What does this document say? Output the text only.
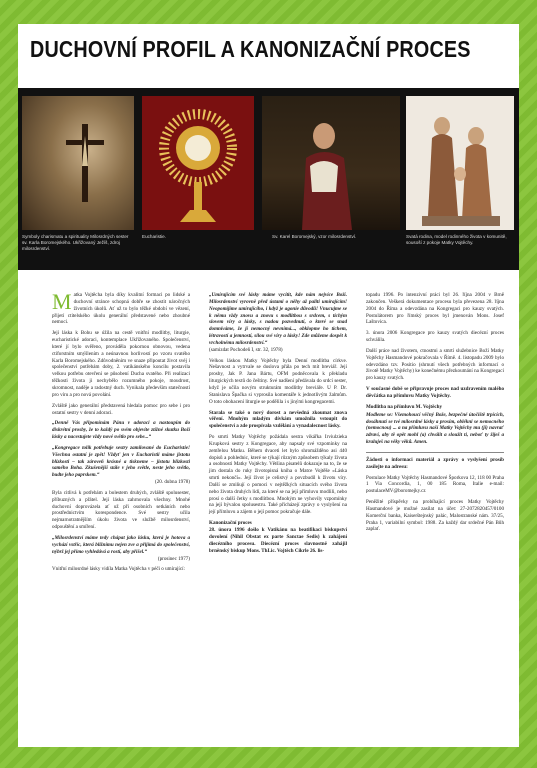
DUCHOVNÍ PROFIL A KANONIZAČNÍ PROCES
Symboly charismatu a spirituality Milosrdných sester sv. Karla Boromejského. Ukřižovaný Ježíš, zdroj milosrdenství.
Eucharistie.	Sv. Karel Boromejský, vzor milosrdenství.	Svatá rodina, model rodinného života v komunitě, sousoší z pokoje Matky Vojtěchy.

Matka Vojtěcha byla díky kvalitní formaci po lidské a duchovní stránce schopná dobře se zhostit náročných životních úkolů. Ať už to bylo těžké období ve vězení, přijetí ctitelského úkolu generální představené nebo zhoubné nemoci.

Její láska k Bohu se úžila na cestě vnitřní modlitby, liturgie, eucharistické adoraci, kontemplace Ukřižovaného. Společenství, které jí bylo svěřeno, prováděla pokornou obnovou, vedena ctiforstním smýšlením a neúnavnou horlivostí po vzoru svatého Karla Boromejského. Zdůvodněním ve snaze připoutat život svéj i společenství potřebám doby, 2. vatikánského koncilu postavila velkou potřebu otevření se působení Ducha svatého. Při realizaci těžkosti života ji nechybělo rozumného pokoje, moudrost, skromnost, naděje a radostný duch. Vynikala především statečností pro víru a pro nová povolání.

Zvláště jako generální představená hledala pomoc pro sebe i pro ostatní sestry v denní adoraci.

„Denně Vás připomínám Pánu v adoraci a nastoupím do diskrétní prosby, že to každý po svém objevíte ztížné skutku Boží lásky a nacestujete vždy nové světlo pro sebe...“

„Kongregace tolik potřebuje sestry zamilované do Eucharistie! Všechna ostatní je zpět! Vždyť jen v Eucharistii máme jistotu blízkosti – tak zároveň krásné a tiskneme – jistotu blízkosti samého Boha. Zkušenější stále v jeho světle, neste jeho světlo, budte jeho paprskem.“

(20. dubna 1978)

Byla citlivá k potřebám a bolestem druhých, zvláště spolusester, příbuzných a přátel. Její láska zahrnovala všechny. Mnohé duchovní doprovázela ať už při osobních setkáních nebo prostřednictvím korespondence. Své sestry učila nejmarnotratnějším úkolu života ve službě milosrdenství, odpouštění a smíření.

„Milosrdenství máme tedy chápat jako lásku, která je hotova a vychází vstříc, která bližnímu nejen zve a přijímá do společenství, nýbrž jej přímo vyhledává a rostí, aby přišel.“

(prosinec 1977)

Vnitřní milosrdné lásky vidíla Matka Vojtěcha v péči o umírající:

„Umírajícím své lásky máme vycítit, kde nám nejvíce Boží. Milosrdenství vyrovně před ústami o něhy až paliti umírajícím! Neopomíjíme umírajícího, i když je agonie důvodů! Vnucujme se k němu vždy znovu a znovu s modlitbou s srdcem, s tichým slovem víry a lásky, s nadou pozvednutí, o které se snad domníváme, že jí nemocný nevnímá..., obklopme ho tichem, létravostí a jemností, silou své víry a lásky! Zde můžeme dospět k vrcholnému milosrdenství.“

(samizdat Pochodeň I, str. 32, 1978)

Velkou láskou Matky Vojtěchy byla Denní modlitba církve. Nešavnost a vytrvale se doslova přála po tech mít breviář. Její prosby, Jak P. Jana Bártu, OFM podněcovala k překladu liturgických textů do češtiny. Své nadšení předávala do srdcí sester, když je učila novým strukturám modlitby breviáře. U P. Dr. Stanislava Špačka si vyprosila komentáře k jednotlivým žalmům. O toto obohacení liturgie se podělila i s jinými kongregacemi.

Starala se také o nový dorost a nevšedná zkoumat znova věření. Mnohým mladým dívkám umožnila vstoupit do společenství a zde prospívala vzdělání a vynadalecnost lásky.

Po smrti Matky Vojtěchy požádala sestra vikářka Irviulzieka Krupková sestry z Kongregace, aby napsaly své vzpomínky na zemřelou Matku. Během dvaceti let bylo shromážděno asi 440 dopisů a pohlednic, které se týkají různým způsobem týkaly života a osobnosti Matky Vojtěchy. Většina pisatelů dokazuje na to, že se jim dostala do ruky životopisná kniha o Matce Vojtěše »Láska smrti nekončí«. Její život je celistvý a povzbudil k životu víry. Další se zmiňují o pomoci v nejtěžkých situacích svého života nebo života druhých lidí, za které se na její přímluvu modlili, nebo prosí o další četky s modlitbou. Mnohým ne vyhovily vzpomínky na její bývalou spolusestru. Také přicházejí zprávy o vyslyšení na její přímluvu a zájem o její pomoc pokračuje dále.

Kanonizační proces

28. února 1996 došlo k Vatikánu na beatifikaci biskupství dovolení (Nihil Obstat ex parte Sanctae Sedis) k zahájení diecézního procesu. Diecézní proces slavnostně zahájil brněnský biskup Mons. ThLic. Vojtěch Cikrle 26. lis-

topadu 1996. Po intenzivní práci byl 26. října 2004 v Brně zakončen. Veškerá dokumentace procesu byla převezena 28. října 2004 do Říma a odevzdána na Kongregaci pro kauzy svatých. Postulátorem pro římský proces byl jmenován Mons. Josef Laštovica.

3. února 2006 Kongregace pro kauzy svatých diecézní proces schválila.

Další práce nad životem, ctnostmi a smrtí služebnice Boží Matky Vojtěchy Hasmandové pokračovala v Římě. 4. listopadu 2009 bylo odevzdáno tzv. Positio (shrnutí všech potřebných informací o životě Matky Vojtěchy) ke konečnému přezkoumání na Kongregaci pro kauzy svatých.

V současné době se připravuje proces nad uzdravením malého děvčátka na přímluvu Matky Vojtěchy.

Modlitba na přímluvu M. Vojtěchy

Modleme se: Všemohoucí věčný Bože, bezpečné útočiště trpících, dosáhnutí se tvé milosrdné lásky a prosím, oblékni se nemocného (nemocnou) ... a na přímluvu naší Matky Vojtěchy mu (jí) navrať zdraví, aby tě opět mohl (a) chválit a sloužit ti, neboť ty žiješ a kraluješ na věky věků. Amen.

Žádosti o informaci materiál a zprávy o vyslyšení prosíb zasílejte na adresu:

Postulace Matky Vojtěchy Hasmandové Šporkova 12, 118 00 Praha 1 Via Concordia, 1, 00 185 Roma, Italie e-mail: postulaceMV@boromejky.cz

Peněžité příspěvky na probíhající proces Matky Vojtěchy Hasmandové je možné zasílat na účet: 27-2072820457/0100 Komerční banka, Kaiserštejnský palác, Malostranské nám. 37/25, Praha 1, variabilní symbol: 1988. Za každý dar srdečné Pán Bůh zaplať.
